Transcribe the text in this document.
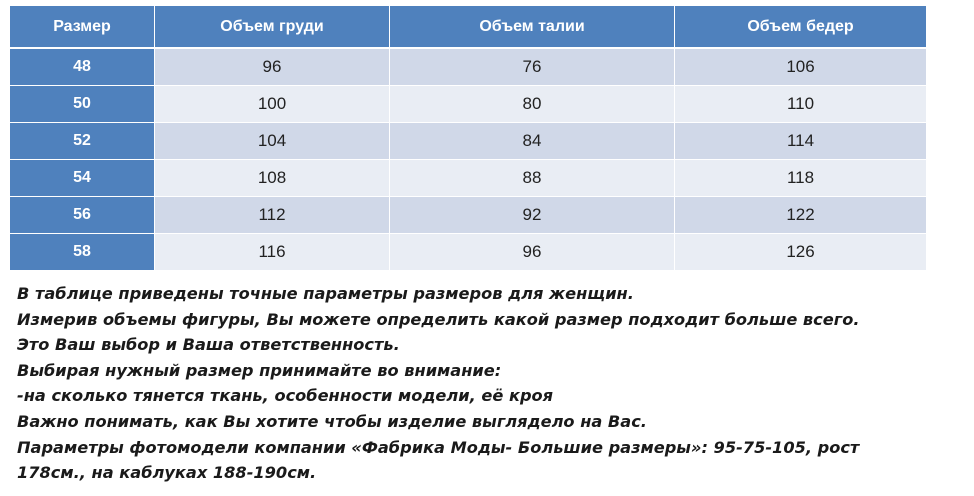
Размер	Объем груди	Объем талии	Объем бедер
48	96	76	106
50	100	80	110
52	104	84	114
54	108	88	118
56	112	92	122
58	116	96	126

В таблице приведены точные параметры размеров для женщин.

Измерив объемы фигуры, Вы можете определить какой размер подходит больше всего. Это Ваш выбор и Ваша ответственность.

Выбирая нужный размер принимайте во внимание:

-на сколько тянется ткань, особенности модели, её кроя

Важно понимать, как Вы хотите чтобы изделие выглядело на Вас.

Параметры фотомодели компании «Фабрика Моды- Большие размеры»: 95-75-105, рост 178см., на каблуках 188-190см.
